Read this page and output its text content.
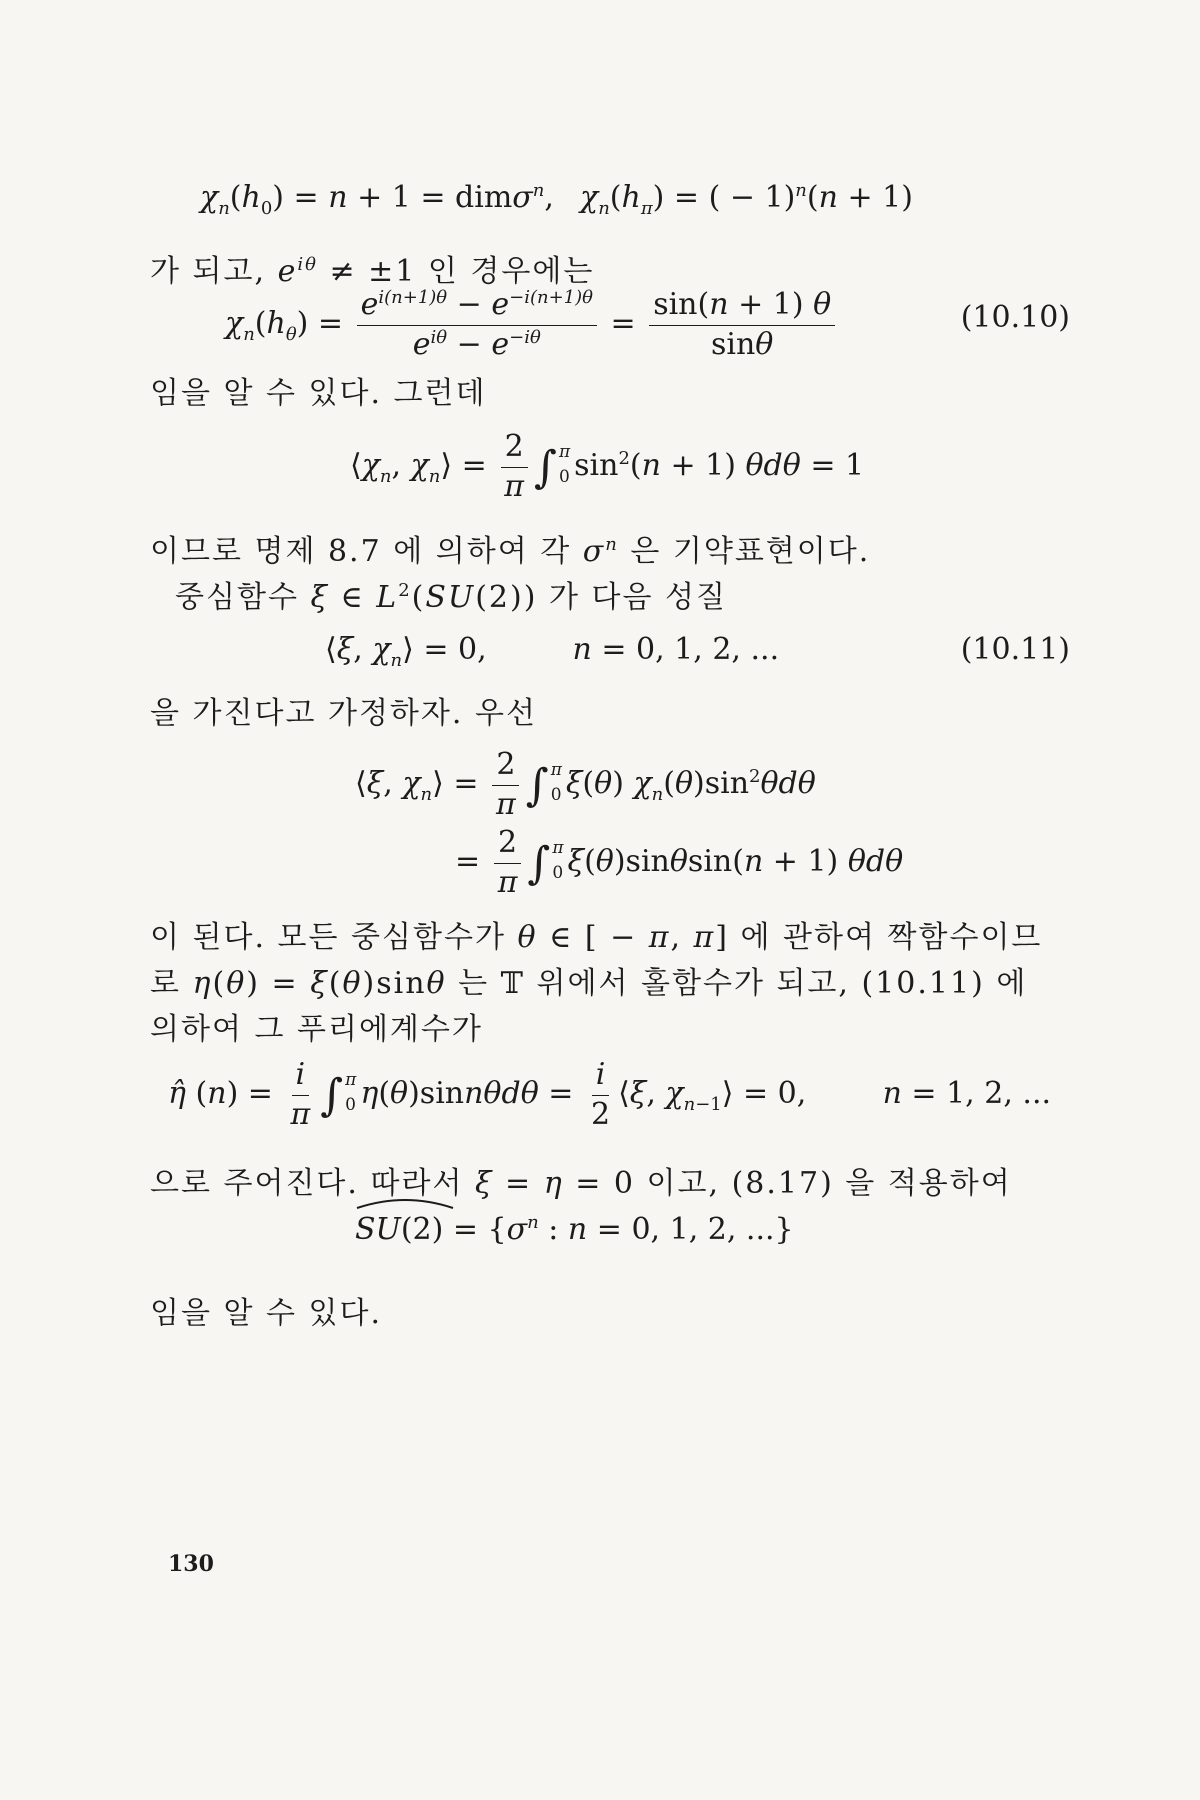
$\chi_n(h_0) = n + 1 = dim\sigma^n$, $\chi_n(h_\pi)$ = ( − 1)$^n$(n + 1)
가 되고, $e^{i\theta} \ne \pm 1$ 인 경우에는
$\chi_n(h_\theta) = \frac{e^{i(n+1)\theta} - e^{-i(n+1)\theta}}{e^{i\theta} - e^{-i\theta}} = \frac{\sin(n + 1) \theta}{\sin\theta}$	(10.10)
임을 알 수 있다. 그런데
$⟨\chi_n$, $\chi_n⟩ = \frac{2}{\pi}$ ∫ π
0 $\sin^2(n + 1) \theta d\theta = 1$
이므로 명제 8.7 에 의하여 각 $\sigma^n$ 은 기약표현이다.
중심함수 ξ ∈ $L^2(SU(2))$ 가 다음 성질
⟨ξ, $\chi_n⟩ = 0$,         n = 0, 1, 2, ...	(10.11)
을 가진다고 가정하자. 우선
⟨ξ, $\chi_n⟩ = \frac{2}{\pi}$ ∫ π
0 ξ(θ) $\chi_n(\theta)\sin^2\theta d\theta$
= $\frac{2}{\pi}$ ∫ π
0 ξ(θ)sinθsin(n + 1) θdθ
이 된다. 모든 중심함수가 θ ∈ [ − π, π] 에 관하여 짝함수이므
로 η(θ) = ξ(θ)sinθ 는 𝕋 위에서 홀함수가 되고, (10.11) 에
의하여 그 푸리에계수가
η̂ $(n) = \frac{i}{\pi}$ ∫ π
0 $\eta(\theta)\sin n\theta d\theta = \frac{i}{2}$ ⟨ξ, $\chi_{n-1}⟩ = 0$,        n = 1, 2, ...
으로 주어진다. 따라서 ξ = η = 0 이고, (8.17) 을 적용하여
$SU(2) = \{\sigma^n$ : n = 0, 1, 2, ...}
임을 알 수 있다.
130
